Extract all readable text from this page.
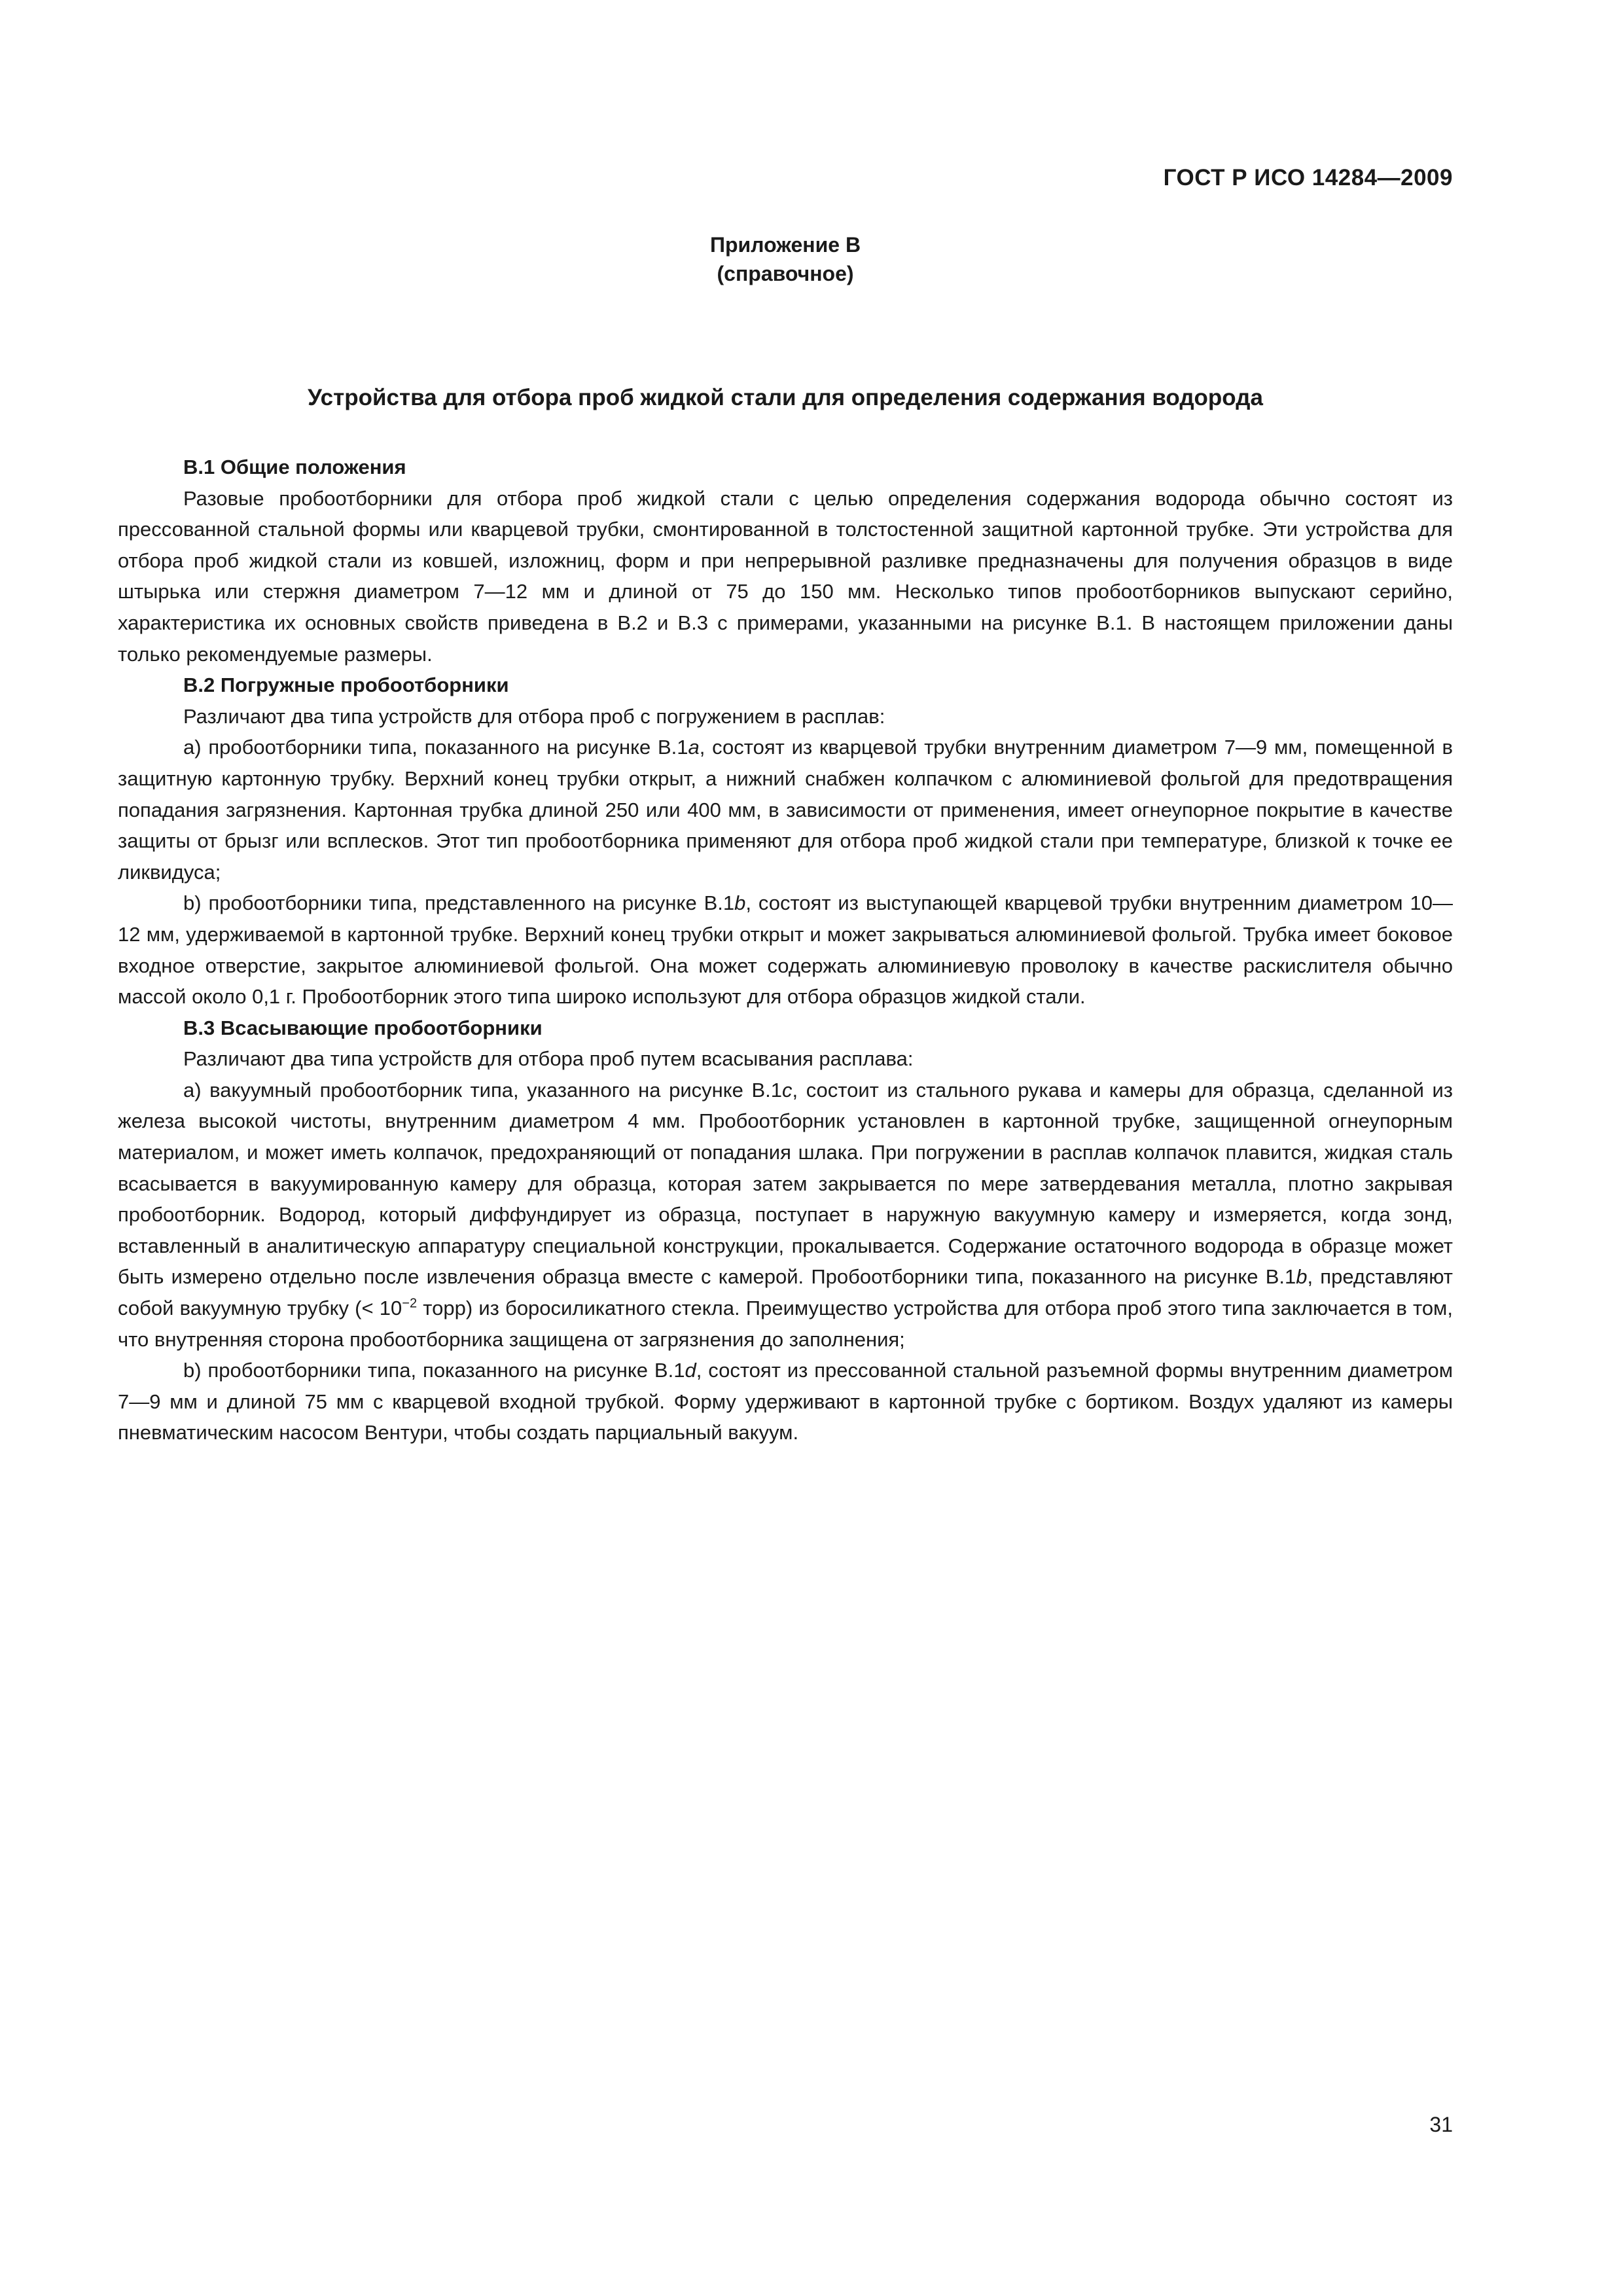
ГОСТ Р ИСО 14284—2009
Приложение В
(справочное)
Устройства для отбора проб жидкой стали для определения содержания водорода
В.1 Общие положения

Разовые пробоотборники для отбора проб жидкой стали с целью определения содержания водорода обычно состоят из прессованной стальной формы или кварцевой трубки, смонтированной в толстостенной защитной картонной трубке. Эти устройства для отбора проб жидкой стали из ковшей, изложниц, форм и при непрерывной разливке предназначены для получения образцов в виде штырька или стержня диаметром 7—12 мм и длиной от 75 до 150 мм. Несколько типов пробоотборников выпускают серийно, характеристика их основных свойств приведена в В.2 и В.3 с примерами, указанными на рисунке В.1. В настоящем приложении даны только рекомендуемые размеры.

В.2 Погружные пробоотборники

Различают два типа устройств для отбора проб с погружением в расплав:

а) пробоотборники типа, показанного на рисунке В.1а, состоят из кварцевой трубки внутренним диаметром 7—9 мм, помещенной в защитную картонную трубку. Верхний конец трубки открыт, а нижний снабжен колпачком с алюминиевой фольгой для предотвращения попадания загрязнения. Картонная трубка длиной 250 или 400 мм, в зависимости от применения, имеет огнеупорное покрытие в качестве защиты от брызг или всплесков. Этот тип пробоотборника применяют для отбора проб жидкой стали при температуре, близкой к точке ее ликвидуса;

b) пробоотборники типа, представленного на рисунке В.1b, состоят из выступающей кварцевой трубки внутренним диаметром 10—12 мм, удерживаемой в картонной трубке. Верхний конец трубки открыт и может закрываться алюминиевой фольгой. Трубка имеет боковое входное отверстие, закрытое алюминиевой фольгой. Она может содержать алюминиевую проволоку в качестве раскислителя обычно массой около 0,1 г. Пробоотборник этого типа широко используют для отбора образцов жидкой стали.

В.3 Всасывающие пробоотборники

Различают два типа устройств для отбора проб путем всасывания расплава:

а) вакуумный пробоотборник типа, указанного на рисунке В.1с, состоит из стального рукава и камеры для образца, сделанной из железа высокой чистоты, внутренним диаметром 4 мм. Пробоотборник установлен в картонной трубке, защищенной огнеупорным материалом, и может иметь колпачок, предохраняющий от попадания шлака. При погружении в расплав колпачок плавится, жидкая сталь всасывается в вакуумированную камеру для образца, которая затем закрывается по мере затвердевания металла, плотно закрывая пробоотборник. Водород, который диффундирует из образца, поступает в наружную вакуумную камеру и измеряется, когда зонд, вставленный в аналитическую аппаратуру специальной конструкции, прокалывается. Содержание остаточного водорода в образце может быть измерено отдельно после извлечения образца вместе с камерой. Пробоотборники типа, показанного на рисунке В.1b, представляют собой вакуумную трубку (< $10^{-2}$ торр) из боросиликатного стекла. Преимущество устройства для отбора проб этого типа заключается в том, что внутренняя сторона пробоотборника защищена от загрязнения до заполнения;

b) пробоотборники типа, показанного на рисунке В.1d, состоят из прессованной стальной разъемной формы внутренним диаметром 7—9 мм и длиной 75 мм с кварцевой входной трубкой. Форму удерживают в картонной трубке с бортиком. Воздух удаляют из камеры пневматическим насосом Вентури, чтобы создать парциальный вакуум.

31
